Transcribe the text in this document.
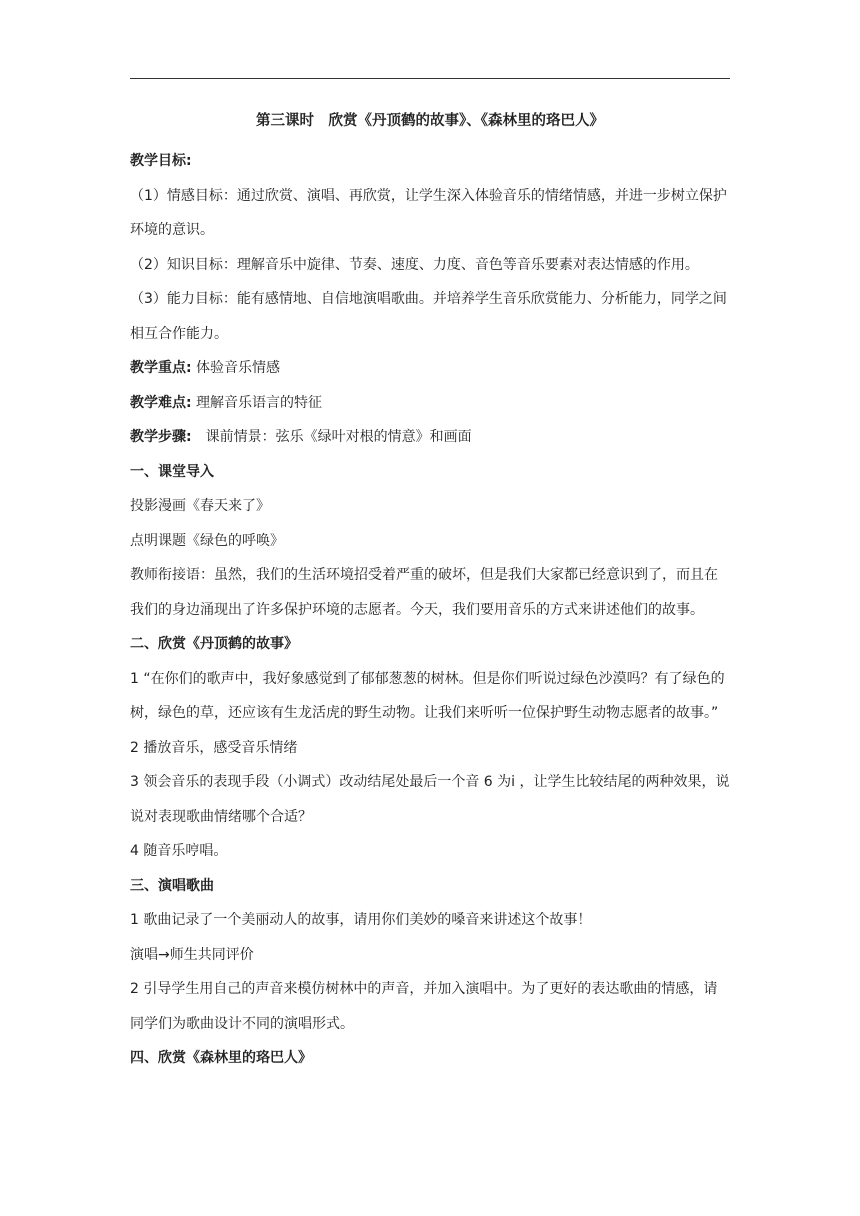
第三课时　欣赏《丹顶鹤的故事》、《森林里的珞巴人》

教学目标:

（1）情感目标：通过欣赏、演唱、再欣赏，让学生深入体验音乐的情绪情感，并进一步树立保护环境的意识。

（2）知识目标：理解音乐中旋律、节奏、速度、力度、音色等音乐要素对表达情感的作用。

（3）能力目标：能有感情地、自信地演唱歌曲。并培养学生音乐欣赏能力、分析能力，同学之间相互合作能力。

教学重点: 体验音乐情感

教学难点: 理解音乐语言的特征

教学步骤:　课前情景：弦乐《绿叶对根的情意》和画面

一、课堂导入

投影漫画《春天来了》

点明课题《绿色的呼唤》

教师衔接语：虽然，我们的生活环境招受着严重的破坏，但是我们大家都已经意识到了，而且在我们的身边涌现出了许多保护环境的志愿者。今天，我们要用音乐的方式来讲述他们的故事。

二、欣赏《丹顶鹤的故事》

1 “在你们的歌声中，我好象感觉到了郁郁葱葱的树林。但是你们听说过绿色沙漠吗？有了绿色的树，绿色的草，还应该有生龙活虎的野生动物。让我们来听听一位保护野生动物志愿者的故事。”

2 播放音乐，感受音乐情绪

3 领会音乐的表现手段（小调式）改动结尾处最后一个音 6 为i ，让学生比较结尾的两种效果，说说对表现歌曲情绪哪个合适？

4 随音乐哼唱。

三、演唱歌曲

1 歌曲记录了一个美丽动人的故事，请用你们美妙的嗓音来讲述这个故事！

演唱→师生共同评价

2 引导学生用自己的声音来模仿树林中的声音，并加入演唱中。为了更好的表达歌曲的情感，请同学们为歌曲设计不同的演唱形式。

四、欣赏《森林里的珞巴人》
